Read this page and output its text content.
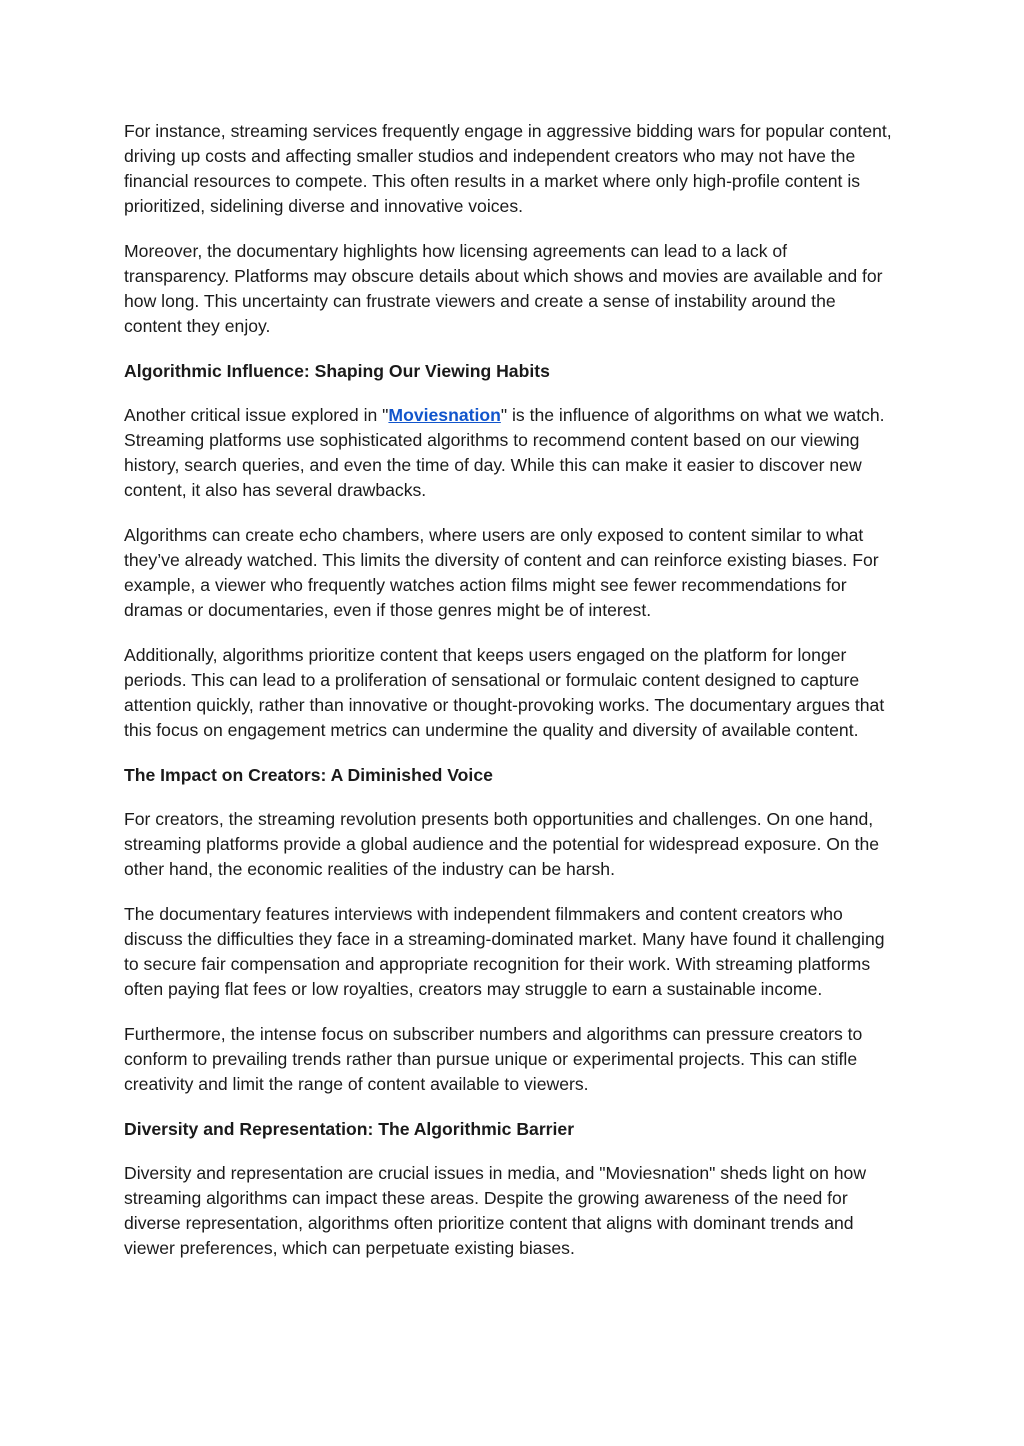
For instance, streaming services frequently engage in aggressive bidding wars for popular content, driving up costs and affecting smaller studios and independent creators who may not have the financial resources to compete. This often results in a market where only high-profile content is prioritized, sidelining diverse and innovative voices.

Moreover, the documentary highlights how licensing agreements can lead to a lack of transparency. Platforms may obscure details about which shows and movies are available and for how long. This uncertainty can frustrate viewers and create a sense of instability around the content they enjoy.

Algorithmic Influence: Shaping Our Viewing Habits

Another critical issue explored in "Moviesnation" is the influence of algorithms on what we watch. Streaming platforms use sophisticated algorithms to recommend content based on our viewing history, search queries, and even the time of day. While this can make it easier to discover new content, it also has several drawbacks.

Algorithms can create echo chambers, where users are only exposed to content similar to what they’ve already watched. This limits the diversity of content and can reinforce existing biases. For example, a viewer who frequently watches action films might see fewer recommendations for dramas or documentaries, even if those genres might be of interest.

Additionally, algorithms prioritize content that keeps users engaged on the platform for longer periods. This can lead to a proliferation of sensational or formulaic content designed to capture attention quickly, rather than innovative or thought-provoking works. The documentary argues that this focus on engagement metrics can undermine the quality and diversity of available content.

The Impact on Creators: A Diminished Voice

For creators, the streaming revolution presents both opportunities and challenges. On one hand, streaming platforms provide a global audience and the potential for widespread exposure. On the other hand, the economic realities of the industry can be harsh.

The documentary features interviews with independent filmmakers and content creators who discuss the difficulties they face in a streaming-dominated market. Many have found it challenging to secure fair compensation and appropriate recognition for their work. With streaming platforms often paying flat fees or low royalties, creators may struggle to earn a sustainable income.

Furthermore, the intense focus on subscriber numbers and algorithms can pressure creators to conform to prevailing trends rather than pursue unique or experimental projects. This can stifle creativity and limit the range of content available to viewers.

Diversity and Representation: The Algorithmic Barrier

Diversity and representation are crucial issues in media, and "Moviesnation" sheds light on how streaming algorithms can impact these areas. Despite the growing awareness of the need for diverse representation, algorithms often prioritize content that aligns with dominant trends and viewer preferences, which can perpetuate existing biases.
